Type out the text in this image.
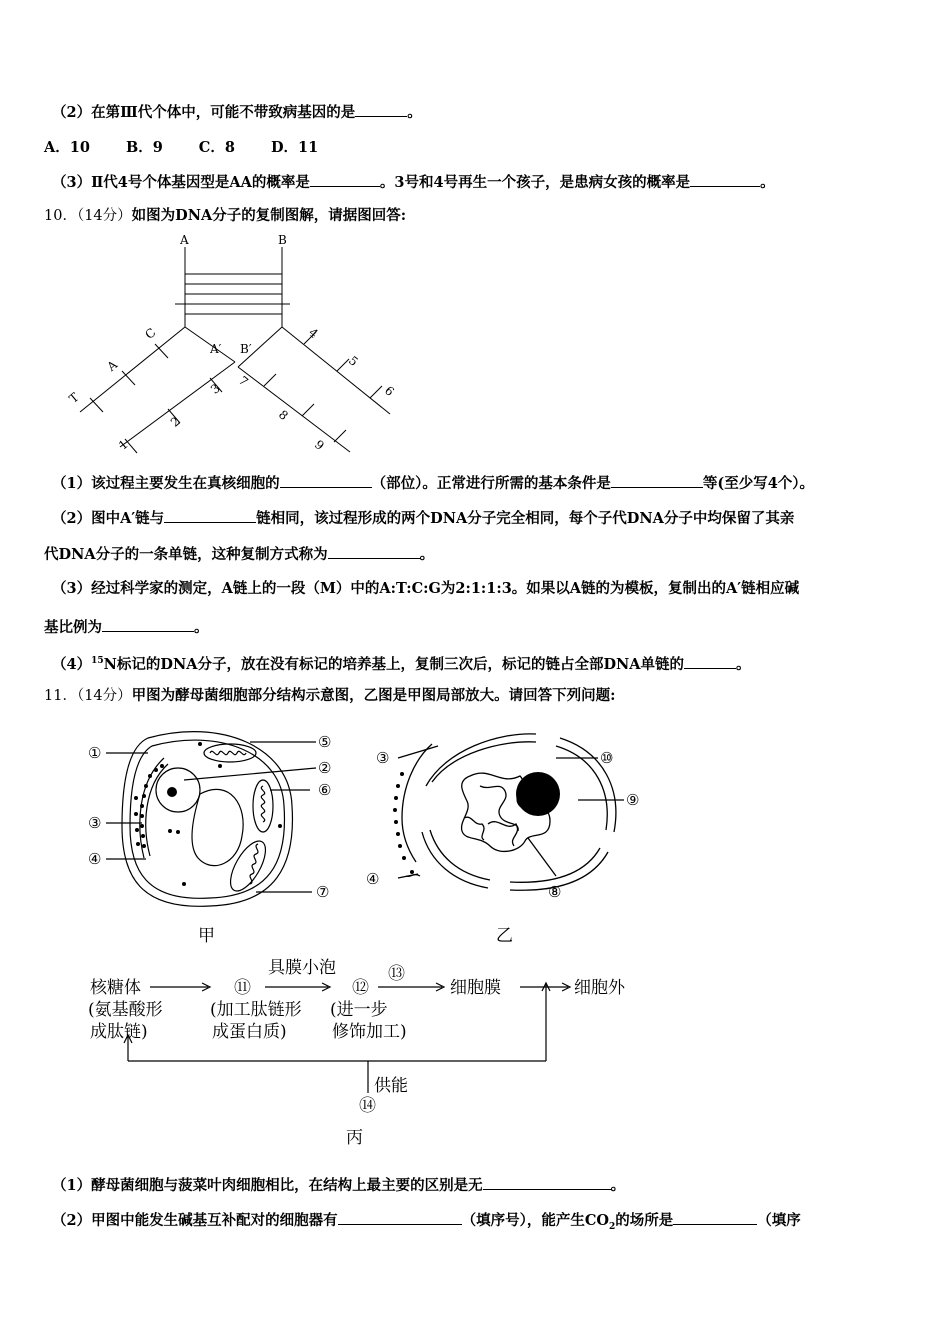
（2）在第Ⅲ代个体中，可能不带致病基因的是	。
A．10 B．9 C．8 D．11
（3）Ⅱ代4号个体基因型是AA的概率是	。3号和4号再生一个孩子，是患病女孩的概率是	。
10．（14分）如图为DNA分子的复制图解，请据图回答:
A	B
C
A′ B′
A
T
1
2
3
4
5
6
7
8
9
（1）该过程主要发生在真核细胞的	（部位）。正常进行所需的基本条件是	等(至少写4个）。
（2）图中A′链与	链相同，该过程形成的两个DNA分子完全相同，每个子代DNA分子中均保留了其亲
代DNA分子的一条单链，这种复制方式称为	。
（3）经过科学家的测定，A链上的一段（M）中的A:T:C:G为2:1:1:3。如果以A链的为模板，复制出的A′链相应碱
基比例为	。
$(4)^{15}N$标记的DNA分子，放在没有标记的培养基上，复制三次后，标记的链占全部DNA单链的	。
11．（14分）甲图为酵母菌细胞部分结构示意图，乙图是甲图局部放大。请回答下列问题:
①
②
③
④
⑤
⑥
⑦
甲
③
④
⑧
⑨
⑩
乙
核糖体
(氨基酸形
成肽链)
⑪
(加工肽链形
成蛋白质)
具膜小泡
⑫
(进一步
修饰加工)
⑬
细胞膜	细胞外
供能
⑭
丙
（1）酵母菌细胞与菠菜叶肉细胞相比，在结构上最主要的区别是无	。
（2）甲图中能发生碱基互补配对的细胞器有	（填序号），能产生$CO_2$的场所是	（填序
